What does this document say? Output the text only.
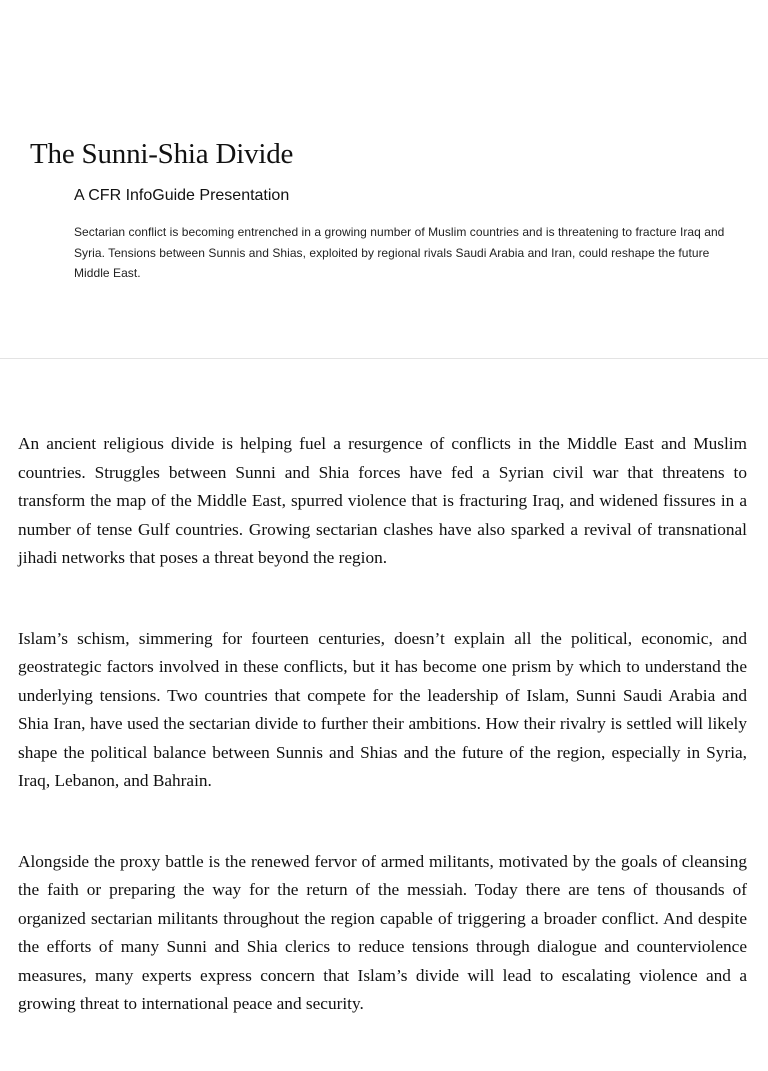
The Sunni-Shia Divide
A CFR InfoGuide Presentation

Sectarian conflict is becoming entrenched in a growing number of Muslim countries and is threatening to fracture Iraq and Syria. Tensions between Sunnis and Shias, exploited by regional rivals Saudi Arabia and Iran, could reshape the future Middle East.

An ancient religious divide is helping fuel a resurgence of conflicts in the Middle East and Muslim countries. Struggles between Sunni and Shia forces have fed a Syrian civil war that threatens to transform the map of the Middle East, spurred violence that is fracturing Iraq, and widened fissures in a number of tense Gulf countries. Growing sectarian clashes have also sparked a revival of transnational jihadi networks that poses a threat beyond the region.

Islam’s schism, simmering for fourteen centuries, doesn’t explain all the political, economic, and geostrategic factors involved in these conflicts, but it has become one prism by which to understand the underlying tensions. Two countries that compete for the leadership of Islam, Sunni Saudi Arabia and Shia Iran, have used the sectarian divide to further their ambitions. How their rivalry is settled will likely shape the political balance between Sunnis and Shias and the future of the region, especially in Syria, Iraq, Lebanon, and Bahrain.

Alongside the proxy battle is the renewed fervor of armed militants, motivated by the goals of cleansing the faith or preparing the way for the return of the messiah. Today there are tens of thousands of organized sectarian militants throughout the region capable of triggering a broader conflict. And despite the efforts of many Sunni and Shia clerics to reduce tensions through dialogue and counterviolence measures, many experts express concern that Islam’s divide will lead to escalating violence and a growing threat to international peace and security.
